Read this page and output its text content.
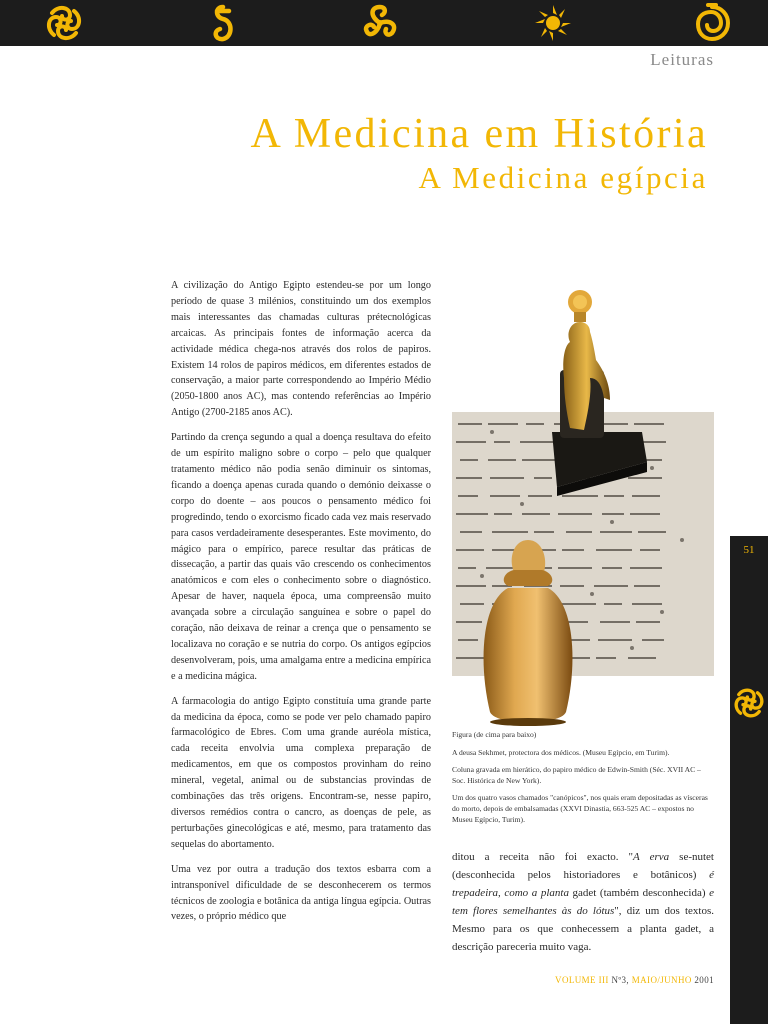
Leituras
A Medicina em História
A Medicina egípcia

A civilização do Antigo Egipto estendeu-se por um longo período de quase 3 milénios, constituindo um dos exemplos mais interessantes das chamadas culturas prétecnológicas arcaicas. As principais fontes de informação acerca da actividade médica chega-nos através dos rolos de papiros. Existem 14 rolos de papiros médicos, em diferentes estados de conservação, a maior parte correspondendo ao Império Médio (2050-1800 anos AC), mas contendo referências ao Império Antigo (2700-2185 anos AC).

Partindo da crença segundo a qual a doença resultava do efeito de um espírito maligno sobre o corpo – pelo que qualquer tratamento médico não podia senão diminuir os sintomas, ficando a doença apenas curada quando o demónio deixasse o corpo do doente – aos poucos o pensamento médico foi progredindo, tendo o exorcismo ficado cada vez mais reservado para casos verdadeiramente desesperantes. Este movimento, do mágico para o empírico, parece resultar das práticas de dissecação, a partir das quais vão crescendo os conhecimentos anatómicos e com eles o conhecimento sobre o diagnóstico. Apesar de haver, naquela época, uma compreensão muito avançada sobre a circulação sanguínea e sobre o papel do coração, não deixava de reinar a crença que o pensamento se localizava no coração e se nutria do corpo. Os antigos egípcios desenvolveram, pois, uma amalgama entre a medicina empírica e a medicina mágica.

A farmacologia do antigo Egipto constituía uma grande parte da medicina da época, como se pode ver pelo chamado papiro farmacológico de Ebres. Com uma grande auréola mística, cada receita envolvia uma complexa preparação de medicamentos, em que os compostos provinham do reino mineral, vegetal, animal ou de substancias provindas de combinações das três origens. Encontram-se, nesse papiro, diversos remédios contra o cancro, as doenças de pele, as perturbações ginecológicas e até, mesmo, para tratamento das sequelas do abortamento.

Uma vez por outra a tradução dos textos esbarra com a intransponível dificuldade de se desconhecerem os termos técnicos de zoologia e botânica da antiga língua egípcia. Outras vezes, o próprio médico que

Figura (de cima para baixo)

A deusa Sekhmet, protectora dos médicos. (Museu Egípcio, em Turim).

Coluna gravada em hierático, do papiro médico de Edwin-Smith (Séc. XVII AC – Soc. Histórica de New York).

Um dos quatro vasos chamados "canópicos", nos quais eram depositadas as vísceras do morto, depois de embalsamadas (XXVI Dinastia, 663-525 AC – expostos no Museu Egípcio, Turim).

ditou a receita não foi exacto. "A erva se-nutet (desconhecida pelos historiadores e botânicos) é trepadeira, como a planta gadet (também desconhecida) e tem flores semelhantes às do lótus", diz um dos textos. Mesmo para os que conhecessem a planta gadet, a descrição pareceria muito vaga.

51
VOLUME III Nº3, MAIO/JUNHO 2001
